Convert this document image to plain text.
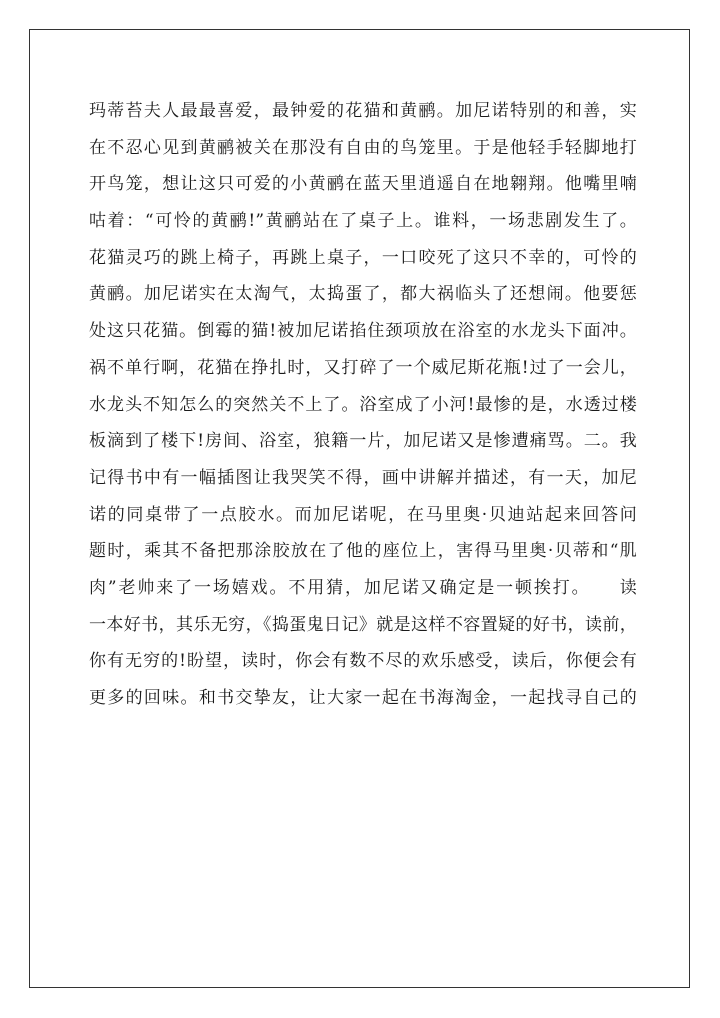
玛蒂苔夫人最最喜爱，最钟爱的花猫和黄鹂。加尼诺特别的和善，实
在不忍心见到黄鹂被关在那没有自由的鸟笼里。于是他轻手轻脚地打
开鸟笼，想让这只可爱的小黄鹂在蓝天里逍遥自在地翱翔。他嘴里喃
咕着：“可怜的黄鹂!”黄鹂站在了桌子上。谁料，一场悲剧发生了。
花猫灵巧的跳上椅子，再跳上桌子，一口咬死了这只不幸的，可怜的
黄鹂。加尼诺实在太淘气，太捣蛋了，都大祸临头了还想闹。他要惩
处这只花猫。倒霉的猫!被加尼诺掐住颈项放在浴室的水龙头下面冲。
祸不单行啊，花猫在挣扎时，又打碎了一个威尼斯花瓶!过了一会儿，
水龙头不知怎么的突然关不上了。浴室成了小河!最惨的是，水透过楼
板滴到了楼下!房间、浴室，狼籍一片，加尼诺又是惨遭痛骂。二。我
记得书中有一幅插图让我哭笑不得，画中讲解并描述，有一天，加尼
诺的同桌带了一点胶水。而加尼诺呢，在马里奥·贝迪站起来回答问
题时，乘其不备把那涂胶放在了他的座位上，害得马里奥·贝蒂和“肌
肉”老帅来了一场嬉戏。不用猜，加尼诺又确定是一顿挨打。　　读
一本好书，其乐无穷，《捣蛋鬼日记》就是这样不容置疑的好书，读前，
你有无穷的!盼望，读时，你会有数不尽的欢乐感受，读后，你便会有
更多的回味。和书交挚友，让大家一起在书海淘金，一起找寻自己的
